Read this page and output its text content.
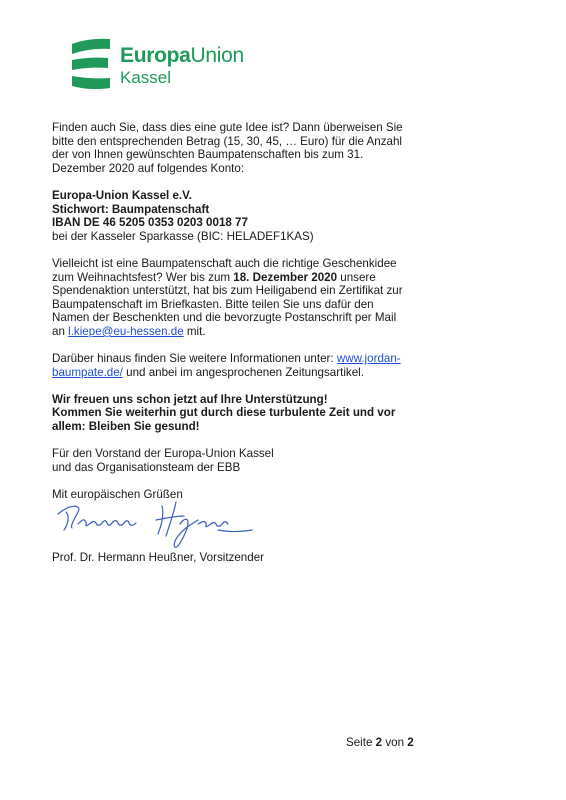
EuropaUnion
Kassel

Finden auch Sie, dass dies eine gute Idee ist? Dann überweisen Sie bitte den entsprechenden Betrag (15, 30, 45, … Euro) für die Anzahl der von Ihnen gewünschten Baumpatenschaften bis zum 31. Dezember 2020 auf folgendes Konto:

Europa-Union Kassel e.V.
Stichwort: Baumpatenschaft
IBAN DE 46 5205 0353 0203 0018 77
bei der Kasseler Sparkasse (BIC: HELADEF1KAS)

Vielleicht ist eine Baumpatenschaft auch die richtige Geschenkidee zum Weihnachtsfest? Wer bis zum 18. Dezember 2020 unsere Spendenaktion unterstützt, hat bis zum Heiligabend ein Zertifikat zur Baumpatenschaft im Briefkasten. Bitte teilen Sie uns dafür den Namen der Beschenkten und die bevorzugte Postanschrift per Mail an l.kiepe@eu-hessen.de mit.

Darüber hinaus finden Sie weitere Informationen unter: www.jordan-baumpate.de/ und anbei im angesprochenen Zeitungsartikel.

Wir freuen uns schon jetzt auf Ihre Unterstützung!
Kommen Sie weiterhin gut durch diese turbulente Zeit und vor allem: Bleiben Sie gesund!

Für den Vorstand der Europa-Union Kassel
und das Organisationsteam der EBB

Mit europäischen Grüßen

Prof. Dr. Hermann Heußner, Vorsitzender
Seite 2 von 2
